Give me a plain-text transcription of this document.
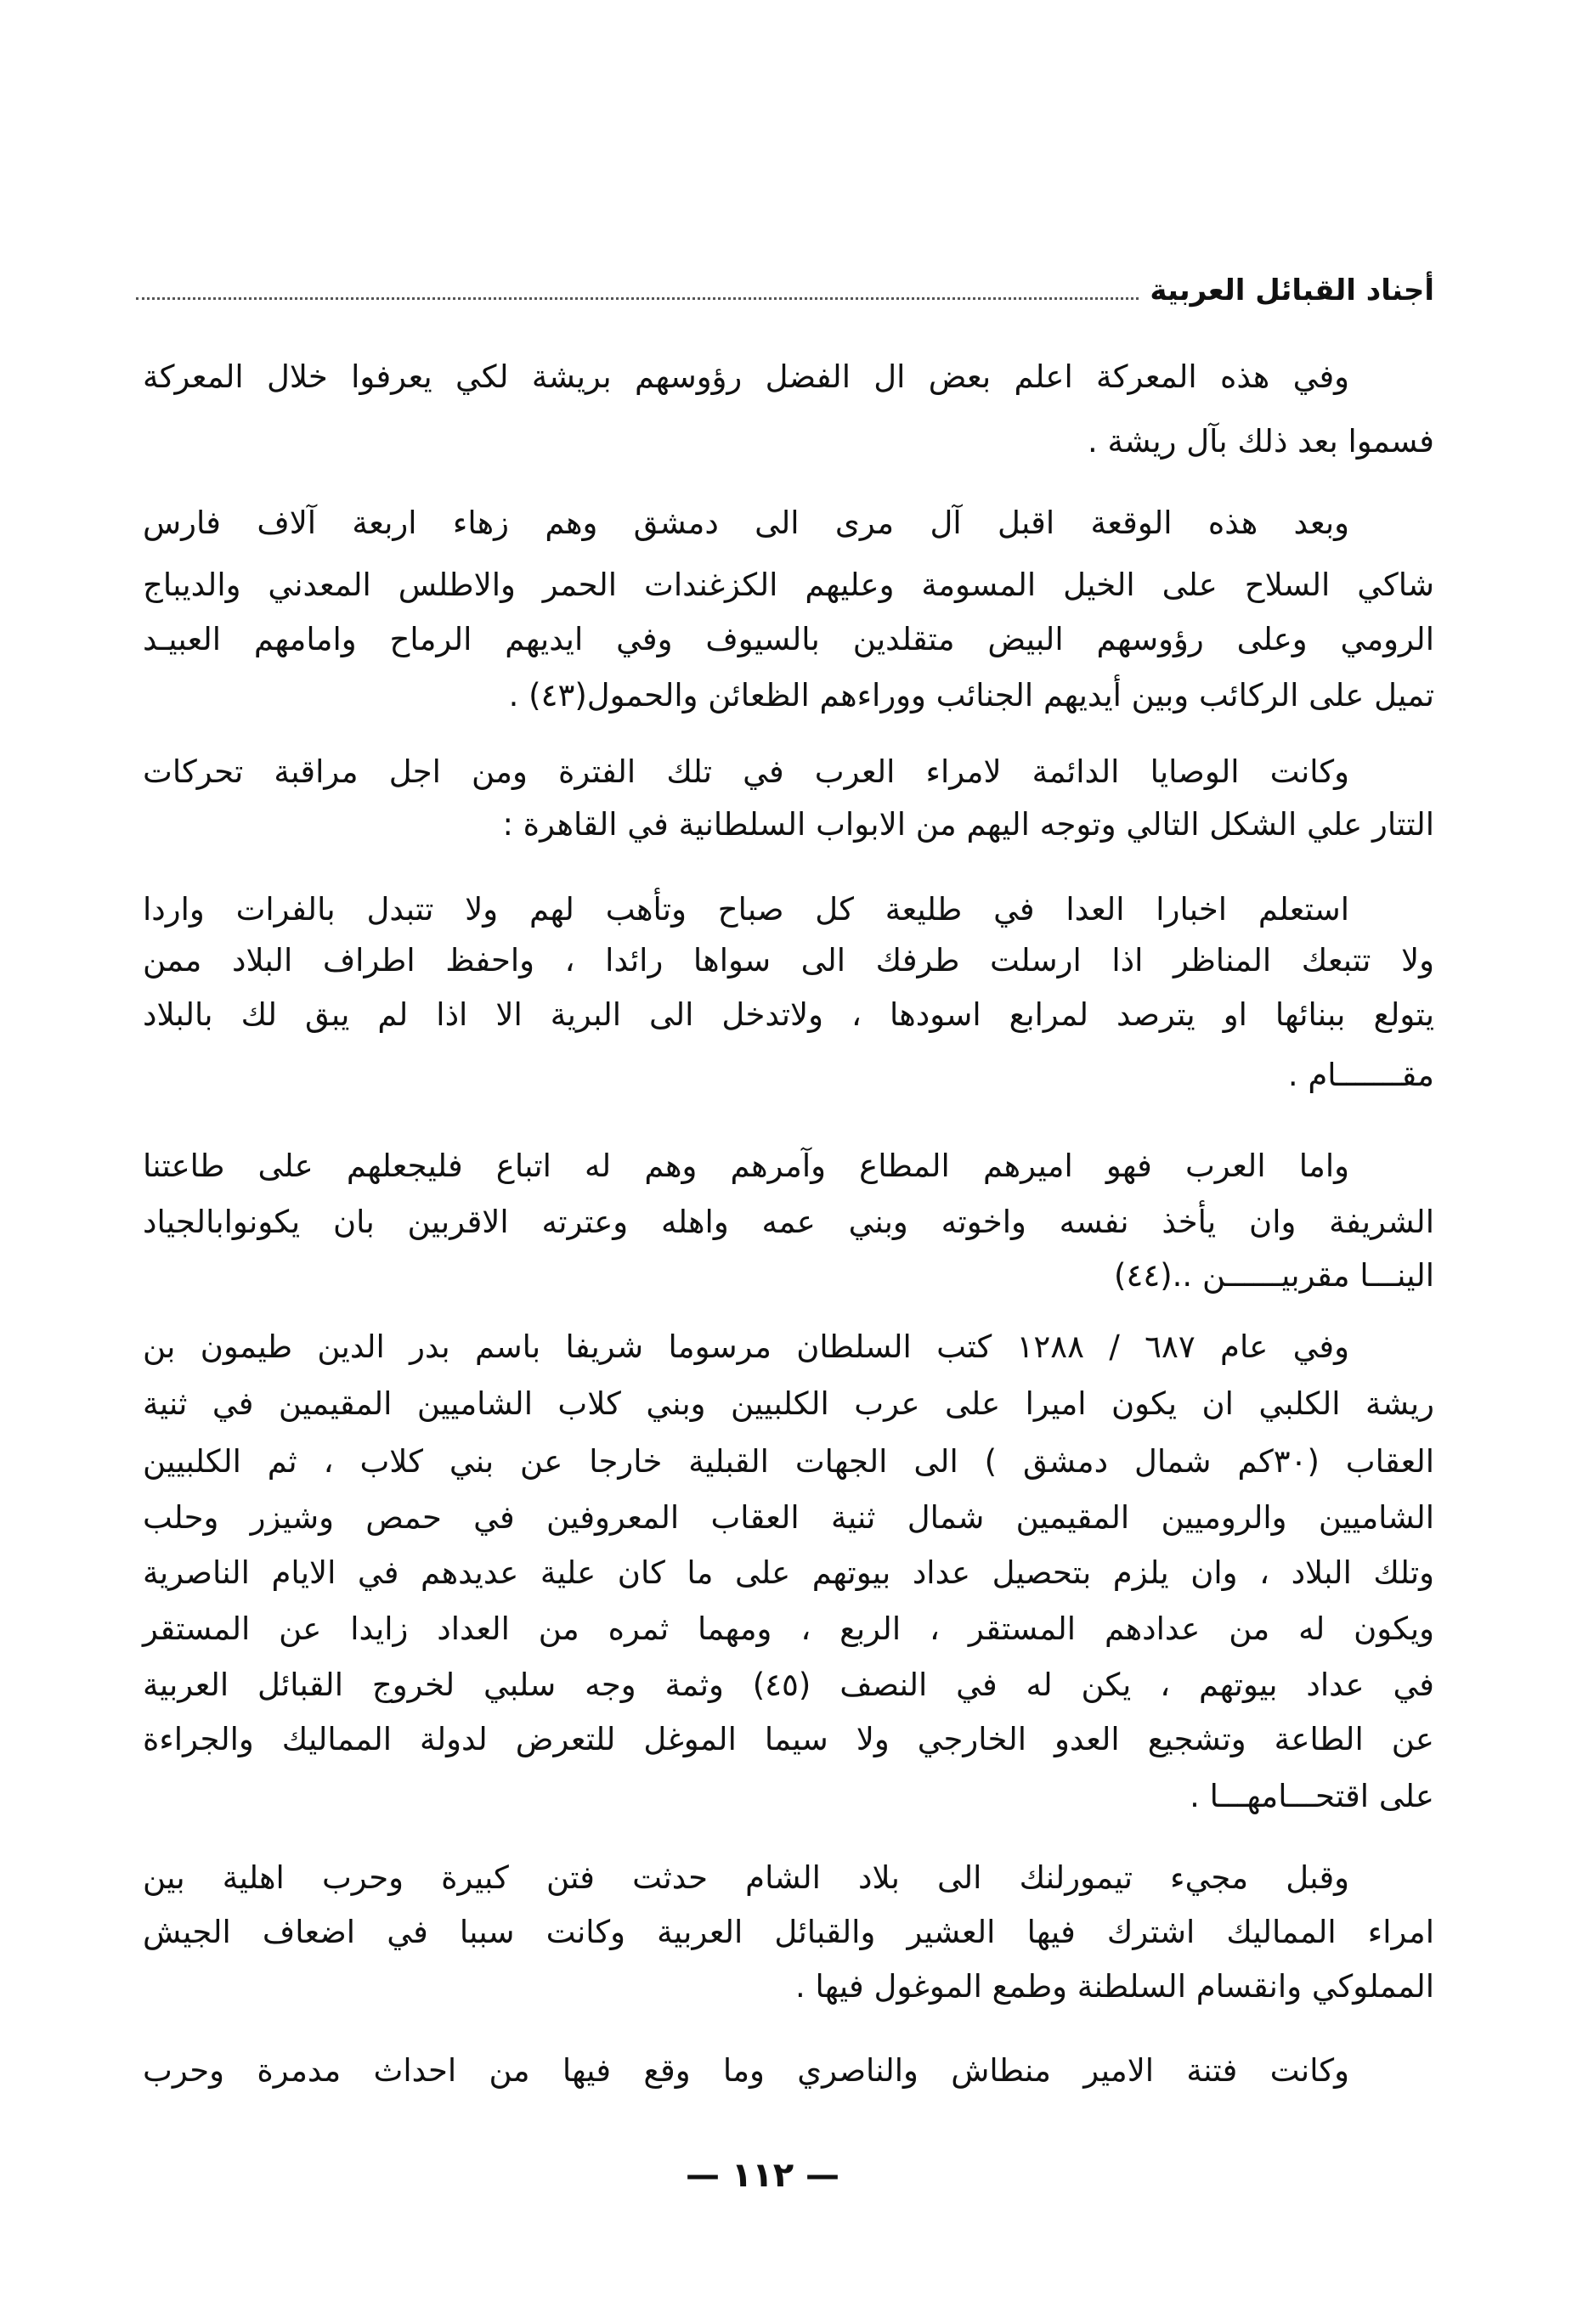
أجناد القبائل العربية
وفي هذه المعركة اعلم بعض ال الفضل رؤوسهم بريشة لكي يعرفوا خلال المعركة
فسموا بعد ذلك بآل ريشة .
وبعد هذه الوقعة اقبل آل مرى الى دمشق وهم زهاء اربعة آلاف فارس
شاكي السلاح على الخيل المسومة وعليهم الكزغندات الحمر والاطلس المعدني والديباج
الرومي وعلى رؤوسهم البيض متقلدين بالسيوف وفي ايديهم الرماح وامامهم العبيـد
تميل على الركائب وبين أيديهم الجنائب ووراءهم الظعائن والحمول(٤٣) .
وكانت الوصايا الدائمة لامراء العرب في تلك الفترة ومن اجل مراقبة تحركات
التتار علي الشكل التالي وتوجه اليهم من الابواب السلطانية في القاهرة :
استعلم اخبارا العدا في طليعة كل صباح وتأهب لهم ولا تتبدل بالفرات واردا
ولا تتبعك المناظر اذا ارسلت طرفك الى سواها رائدا ، واحفظ اطراف البلاد ممن
يتولع ببنائها او يترصد لمرابع اسودها ، ولاتدخل الى البرية الا اذا لم يبق لك بالبلاد
مقـــــــام .
واما العرب فهو اميرهم المطاع وآمرهم وهم له اتباع فليجعلهم على طاعتنا
الشريفة وان يأخذ نفسه واخوته وبني عمه واهله وعترته الاقربين بان يكونوابالجياد
الينـــا مقربيــــــن ..(٤٤)
وفي عام ٦٨٧ / ١٢٨٨ كتب السلطان مرسوما شريفا باسم بدر الدين طيمون بن
ريشة الكلبي ان يكون اميرا على عرب الكلبيين وبني كلاب الشاميين المقيمين في ثنية
العقاب (٣٠كم شمال دمشق ) الى الجهات القبلية خارجا عن بني كلاب ، ثم الكلبيين
الشاميين والروميين المقيمين شمال ثنية العقاب المعروفين في حمص وشيزر وحلب
وتلك البلاد ، وان يلزم بتحصيل عداد بيوتهم على ما كان علية عديدهم في الايام الناصرية
ويكون له من عدادهم المستقر ، الربع ، ومهما ثمره من العداد زايدا عن المستقر
في عداد بيوتهم ، يكن له في النصف (٤٥) وثمة وجه سلبي لخروج القبائل العربية
عن الطاعة وتشجيع العدو الخارجي ولا سيما الموغل للتعرض لدولة المماليك والجراءة
على اقتحـــامهـــا .
وقبل مجيء تيمورلنك الى بلاد الشام حدثت فتن كبيرة وحرب اهلية بين
امراء المماليك اشترك فيها العشير والقبائل العربية وكانت سببا في اضعاف الجيش
المملوكي وانقسام السلطنة وطمع الموغول فيها .
وكانت فتنة الامير منطاش والناصري وما وقع فيها من احداث مدمرة وحرب
— ١١٢ —
